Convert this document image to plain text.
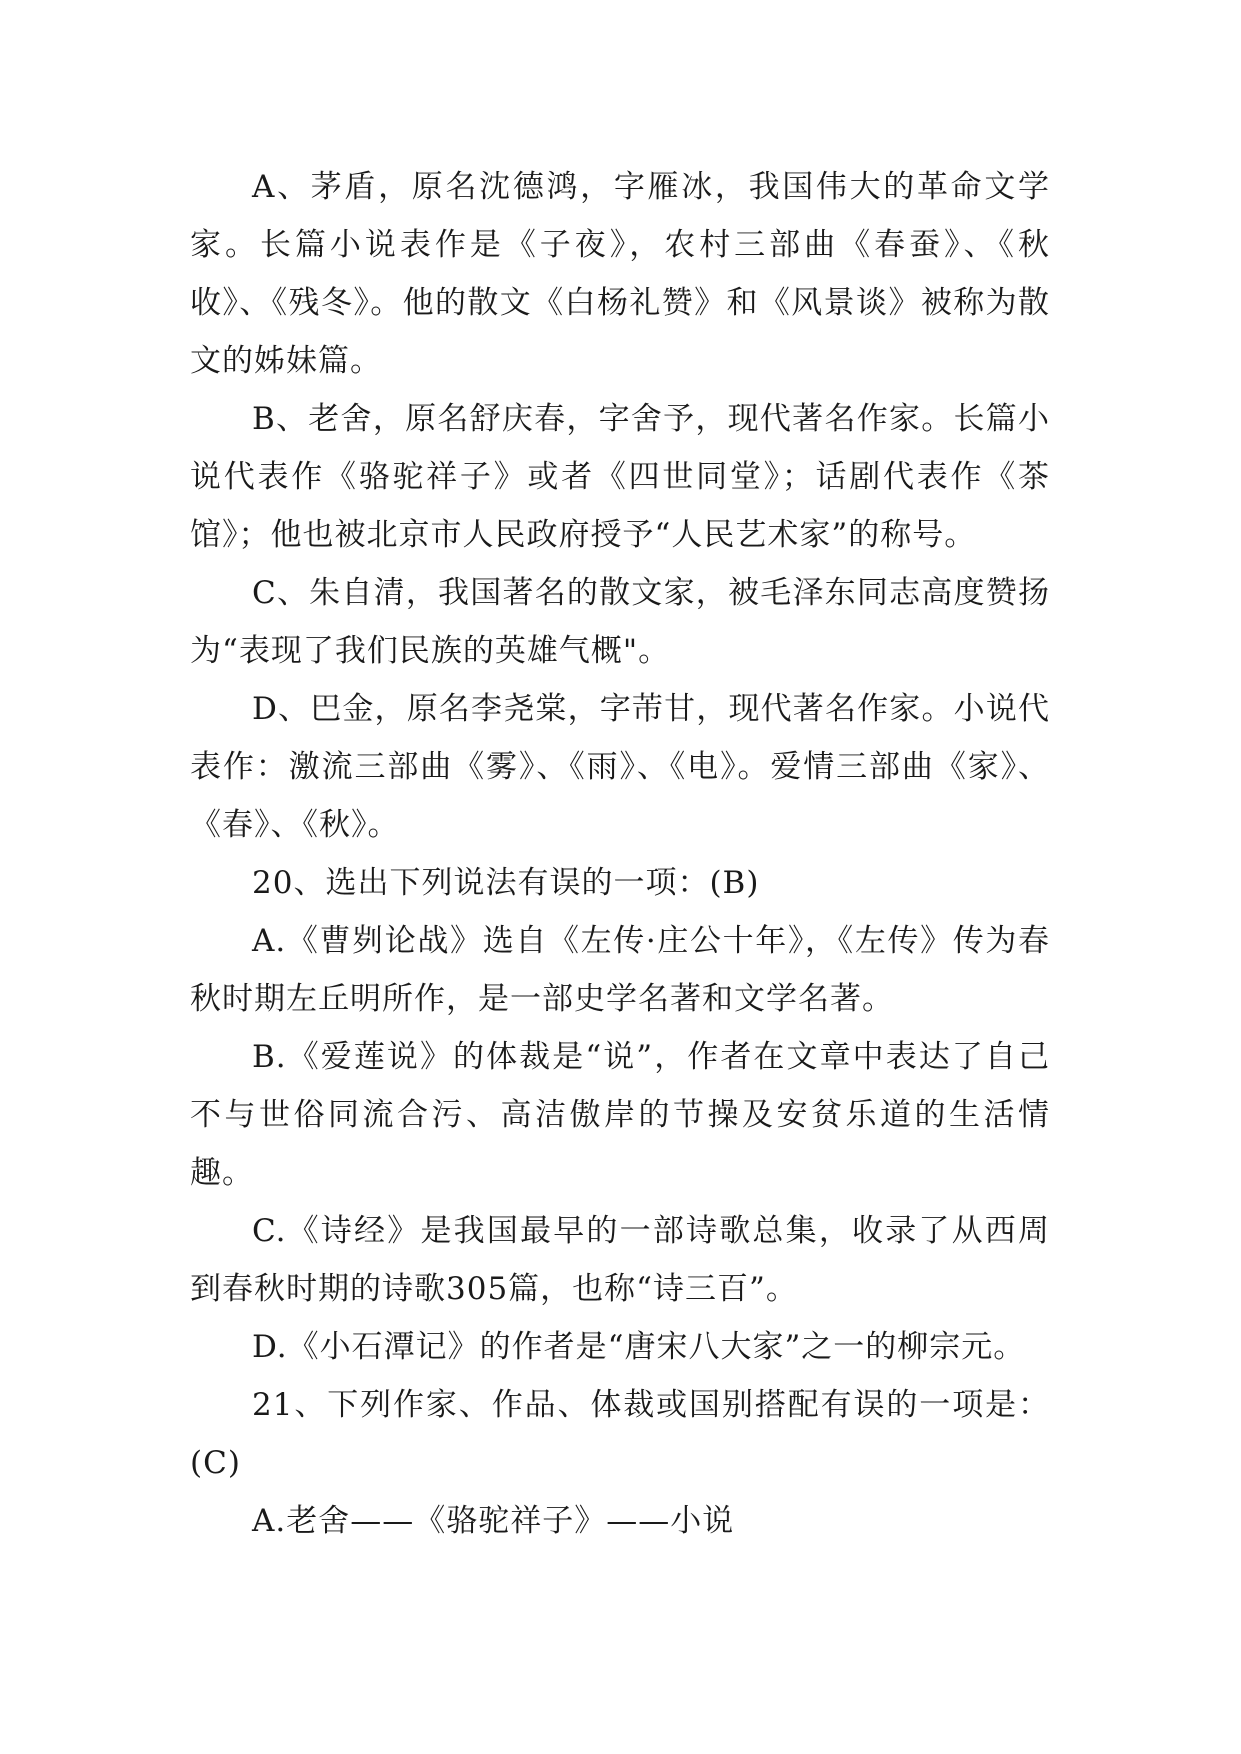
A、茅盾，原名沈德鸿，字雁冰，我国伟大的革命文学家。长篇小说表作是《子夜》，农村三部曲《春蚕》、《秋收》、《残冬》。他的散文《白杨礼赞》和《风景谈》被称为散文的姊妹篇。

B、老舍，原名舒庆春，字舍予，现代著名作家。长篇小说代表作《骆驼祥子》或者《四世同堂》；话剧代表作《茶馆》；他也被北京市人民政府授予“人民艺术家”的称号。

C、朱自清，我国著名的散文家，被毛泽东同志高度赞扬为“表现了我们民族的英雄气概"。

D、巴金，原名李尧棠，字芾甘，现代著名作家。小说代表作：激流三部曲《雾》、《雨》、《电》。爱情三部曲《家》、《春》、《秋》。

20、选出下列说法有误的一项：(B)

A.《曹刿论战》选自《左传·庄公十年》，《左传》传为春秋时期左丘明所作，是一部史学名著和文学名著。

B.《爱莲说》的体裁是“说”，作者在文章中表达了自己不与世俗同流合污、高洁傲岸的节操及安贫乐道的生活情趣。

C.《诗经》是我国最早的一部诗歌总集，收录了从西周到春秋时期的诗歌305篇，也称“诗三百”。

D.《小石潭记》的作者是“唐宋八大家”之一的柳宗元。

21、下列作家、作品、体裁或国别搭配有误的一项是：(C)

A.老舍——《骆驼祥子》——小说
